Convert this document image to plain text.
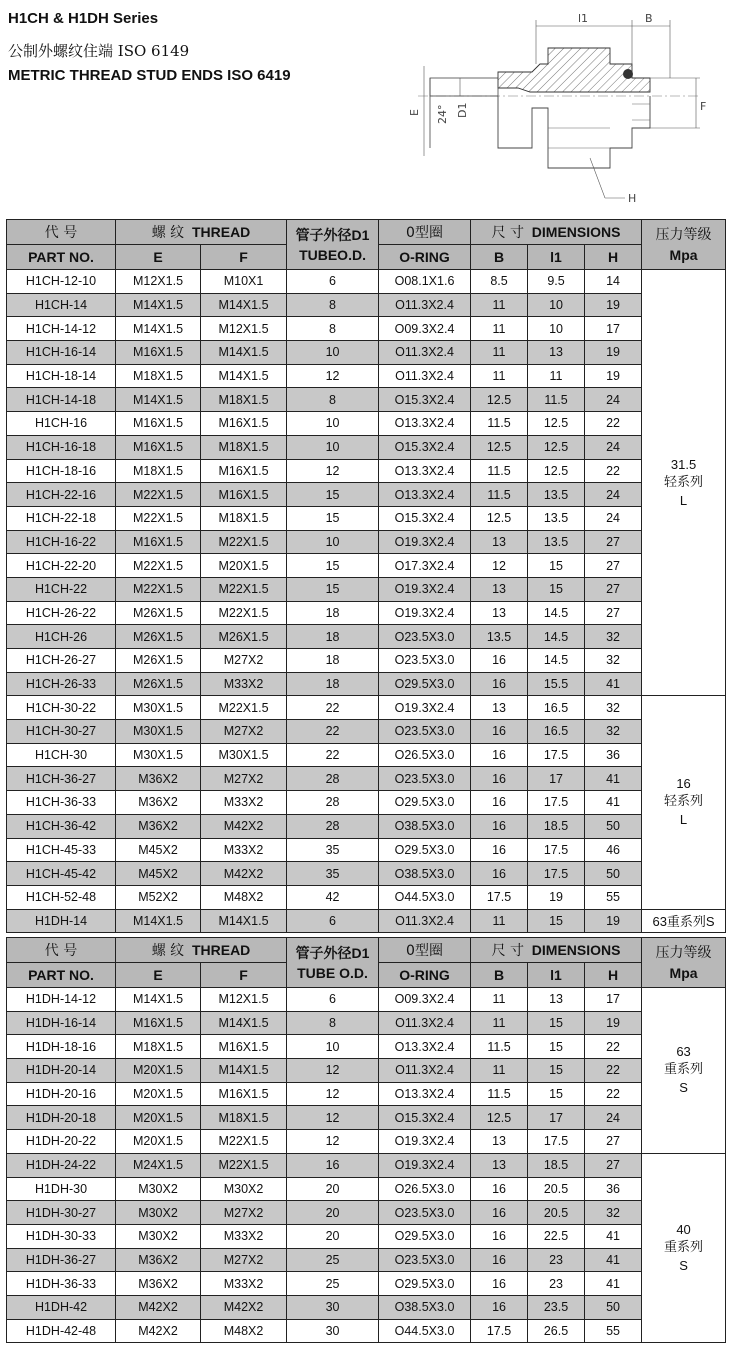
H1CH & H1DH Series
公制外螺纹住端 ISO 6149
METRIC THREAD STUD ENDS ISO 6419
l1	B
E 24° D1	F
H
代 号	螺 纹 THREAD		管子外径D1
TUBEO.D.	0型圈	尺 寸 DIMENSIONS			压力等级
Mpa

PART NO.	E	F		O-RING	B	l1	H	
H1CH-12-10	M12X1.5	M10X1	6	O08.1X1.6	8.5	9.5	14	31.5
轻系列
L

H1CH-14	M14X1.5	M14X1.5	8	O11.3X2.4	11	10	19	
H1CH-14-12	M14X1.5	M12X1.5	8	O09.3X2.4	11	10	17	
H1CH-16-14	M16X1.5	M14X1.5	10	O11.3X2.4	11	13	19	
H1CH-18-14	M18X1.5	M14X1.5	12	O11.3X2.4	11	11	19	
H1CH-14-18	M14X1.5	M18X1.5	8	O15.3X2.4	12.5	11.5	24	
H1CH-16	M16X1.5	M16X1.5	10	O13.3X2.4	11.5	12.5	22	
H1CH-16-18	M16X1.5	M18X1.5	10	O15.3X2.4	12.5	12.5	24	
H1CH-18-16	M18X1.5	M16X1.5	12	O13.3X2.4	11.5	12.5	22	
H1CH-22-16	M22X1.5	M16X1.5	15	O13.3X2.4	11.5	13.5	24	
H1CH-22-18	M22X1.5	M18X1.5	15	O15.3X2.4	12.5	13.5	24	
H1CH-16-22	M16X1.5	M22X1.5	10	O19.3X2.4	13	13.5	27	
H1CH-22-20	M22X1.5	M20X1.5	15	O17.3X2.4	12	15	27	
H1CH-22	M22X1.5	M22X1.5	15	O19.3X2.4	13	15	27	
H1CH-26-22	M26X1.5	M22X1.5	18	O19.3X2.4	13	14.5	27	
H1CH-26	M26X1.5	M26X1.5	18	O23.5X3.0	13.5	14.5	32	
H1CH-26-27	M26X1.5	M27X2	18	O23.5X3.0	16	14.5	32	
H1CH-26-33	M26X1.5	M33X2	18	O29.5X3.0	16	15.5	41	
H1CH-30-22	M30X1.5	M22X1.5	22	O19.3X2.4	13	16.5	32	16
轻系列
L

H1CH-30-27	M30X1.5	M27X2	22	O23.5X3.0	16	16.5	32	
H1CH-30	M30X1.5	M30X1.5	22	O26.5X3.0	16	17.5	36	
H1CH-36-27	M36X2	M27X2	28	O23.5X3.0	16	17	41	
H1CH-36-33	M36X2	M33X2	28	O29.5X3.0	16	17.5	41	
H1CH-36-42	M36X2	M42X2	28	O38.5X3.0	16	18.5	50	
H1CH-45-33	M45X2	M33X2	35	O29.5X3.0	16	17.5	46	
H1CH-45-42	M45X2	M42X2	35	O38.5X3.0	16	17.5	50	
H1CH-52-48	M52X2	M48X2	42	O44.5X3.0	17.5	19	55	
H1DH-14	M14X1.5	M14X1.5	6	O11.3X2.4	11	15	19	63重系列S
代 号	螺 纹 THREAD		管子外径D1
TUBE O.D.	0型圈	尺 寸 DIMENSIONS			压力等级
Mpa

PART NO.	E	F		O-RING	B	l1	H	
H1DH-14-12	M14X1.5	M12X1.5	6	O09.3X2.4	11	13	17	63
重系列
S

H1DH-16-14	M16X1.5	M14X1.5	8	O11.3X2.4	11	15	19	
H1DH-18-16	M18X1.5	M16X1.5	10	O13.3X2.4	11.5	15	22	
H1DH-20-14	M20X1.5	M14X1.5	12	O11.3X2.4	11	15	22	
H1DH-20-16	M20X1.5	M16X1.5	12	O13.3X2.4	11.5	15	22	
H1DH-20-18	M20X1.5	M18X1.5	12	O15.3X2.4	12.5	17	24	
H1DH-20-22	M20X1.5	M22X1.5	12	O19.3X2.4	13	17.5	27	
H1DH-24-22	M24X1.5	M22X1.5	16	O19.3X2.4	13	18.5	27	40
重系列
S

H1DH-30	M30X2	M30X2	20	O26.5X3.0	16	20.5	36	
H1DH-30-27	M30X2	M27X2	20	O23.5X3.0	16	20.5	32	
H1DH-30-33	M30X2	M33X2	20	O29.5X3.0	16	22.5	41	
H1DH-36-27	M36X2	M27X2	25	O23.5X3.0	16	23	41	
H1DH-36-33	M36X2	M33X2	25	O29.5X3.0	16	23	41	
H1DH-42	M42X2	M42X2	30	O38.5X3.0	16	23.5	50	
H1DH-42-48	M42X2	M48X2	30	O44.5X3.0	17.5	26.5	55	
